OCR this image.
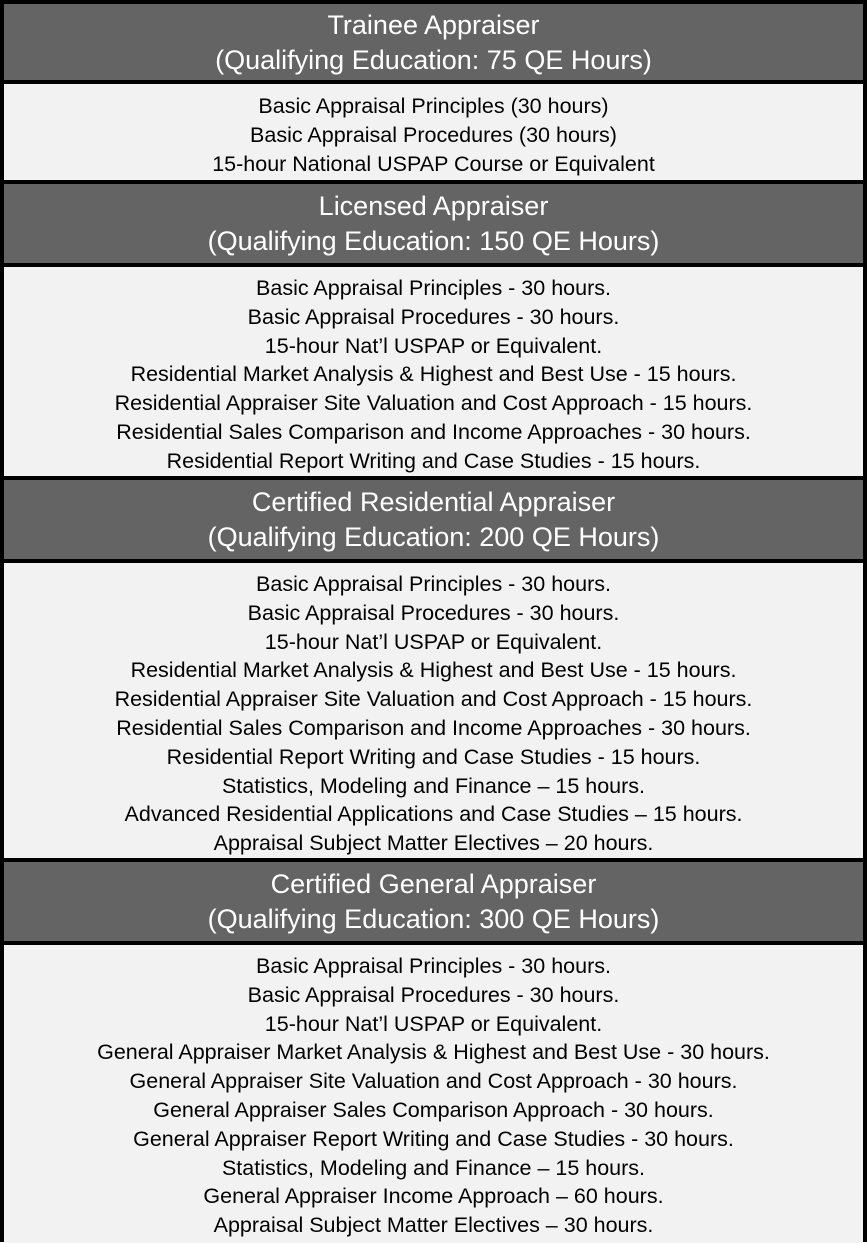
Trainee Appraiser
(Qualifying Education: 75 QE Hours)
Basic Appraisal Principles (30 hours)
Basic Appraisal Procedures (30 hours)
15-hour National USPAP Course or Equivalent
Licensed Appraiser
(Qualifying Education: 150 QE Hours)
Basic Appraisal Principles - 30 hours.
Basic Appraisal Procedures - 30 hours.
15-hour Nat’l USPAP or Equivalent.
Residential Market Analysis & Highest and Best Use - 15 hours.
Residential Appraiser Site Valuation and Cost Approach - 15 hours.
Residential Sales Comparison and Income Approaches - 30 hours.
Residential Report Writing and Case Studies - 15 hours.
Certified Residential Appraiser
(Qualifying Education: 200 QE Hours)
Basic Appraisal Principles - 30 hours.
Basic Appraisal Procedures - 30 hours.
15-hour Nat’l USPAP or Equivalent.
Residential Market Analysis & Highest and Best Use - 15 hours.
Residential Appraiser Site Valuation and Cost Approach - 15 hours.
Residential Sales Comparison and Income Approaches - 30 hours.
Residential Report Writing and Case Studies - 15 hours.
Statistics, Modeling and Finance – 15 hours.
Advanced Residential Applications and Case Studies – 15 hours.
Appraisal Subject Matter Electives – 20 hours.
Certified General Appraiser
(Qualifying Education: 300 QE Hours)
Basic Appraisal Principles - 30 hours.
Basic Appraisal Procedures - 30 hours.
15-hour Nat’l USPAP or Equivalent.
General Appraiser Market Analysis & Highest and Best Use - 30 hours.
General Appraiser Site Valuation and Cost Approach - 30 hours.
General Appraiser Sales Comparison Approach - 30 hours.
General Appraiser Report Writing and Case Studies - 30 hours.
Statistics, Modeling and Finance – 15 hours.
General Appraiser Income Approach – 60 hours.
Appraisal Subject Matter Electives – 30 hours.
